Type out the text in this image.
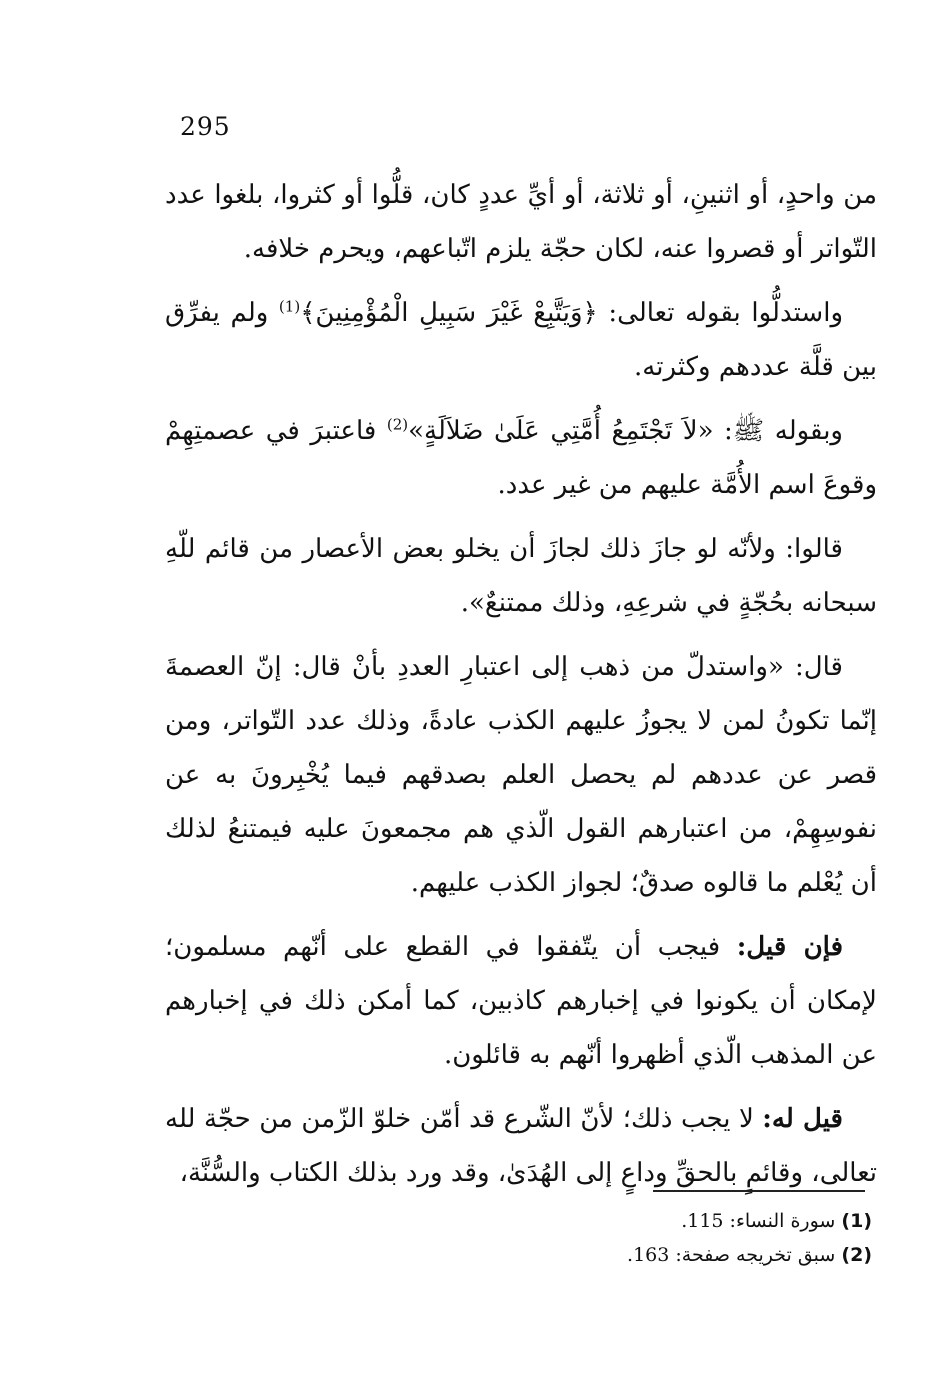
295

من واحدٍ، أو اثنينِ، أو ثلاثة، أو أيِّ عددٍ كان، قلُّوا أو كثروا، بلغوا عدد التّواتر أو قصروا عنه، لكان حجّة يلزم اتّباعهم، ويحرم خلافه.

واستدلُّوا بقوله تعالى: ﴿وَيَتَّبِعْ غَيْرَ سَبِيلِ الْمُؤْمِنِينَ﴾$^{(1)}$ ولم يفرِّق بين قلَّة عددهم وكثرته.

وبقوله ﷺ: «لاَ تَجْتَمِعُ أُمَّتِي عَلَىٰ ضَلاَلَةٍ»$^{(2)}$ فاعتبرَ في عصمتِهِمْ وقوعَ اسم الأُمَّة عليهم من غير عدد.

قالوا: ولأنّه لو جازَ ذلك لجازَ أن يخلو بعض الأعصار من قائم للّهِ سبحانه بحُجّةٍ في شرعِهِ، وذلك ممتنعٌ».

قال: «واستدلّ من ذهب إلى اعتبارِ العددِ بأنْ قال: إنّ العصمةَ إنّما تكونُ لمن لا يجوزُ عليهم الكذب عادةً، وذلك عدد التّواتر، ومن قصر عن عددهم لم يحصل العلم بصدقهم فيما يُخْبِرونَ به عن نفوسِهِمْ، من اعتبارهم القول الّذي هم مجمعونَ عليه فيمتنعُ لذلك أن يُعْلم ما قالوه صدقٌ؛ لجواز الكذب عليهم.

فإن قيل: فيجب أن يتّفقوا في القطع على أنّهم مسلمون؛ لإمكان أن يكونوا في إخبارهم كاذبين، كما أمكن ذلك في إخبارهم عن المذهب الّذي أظهروا أنّهم به قائلون.

قيل له: لا يجب ذلك؛ لأنّ الشّرع قد أمّن خلوّ الزّمن من حجّة لله تعالى، وقائمٍ بالحقِّ وداعٍ إلى الهُدَىٰ، وقد ورد بذلك الكتاب والسُّنَّة،

(1) سورة النساء: 115.
(2) سبق تخريجه صفحة: 163.
